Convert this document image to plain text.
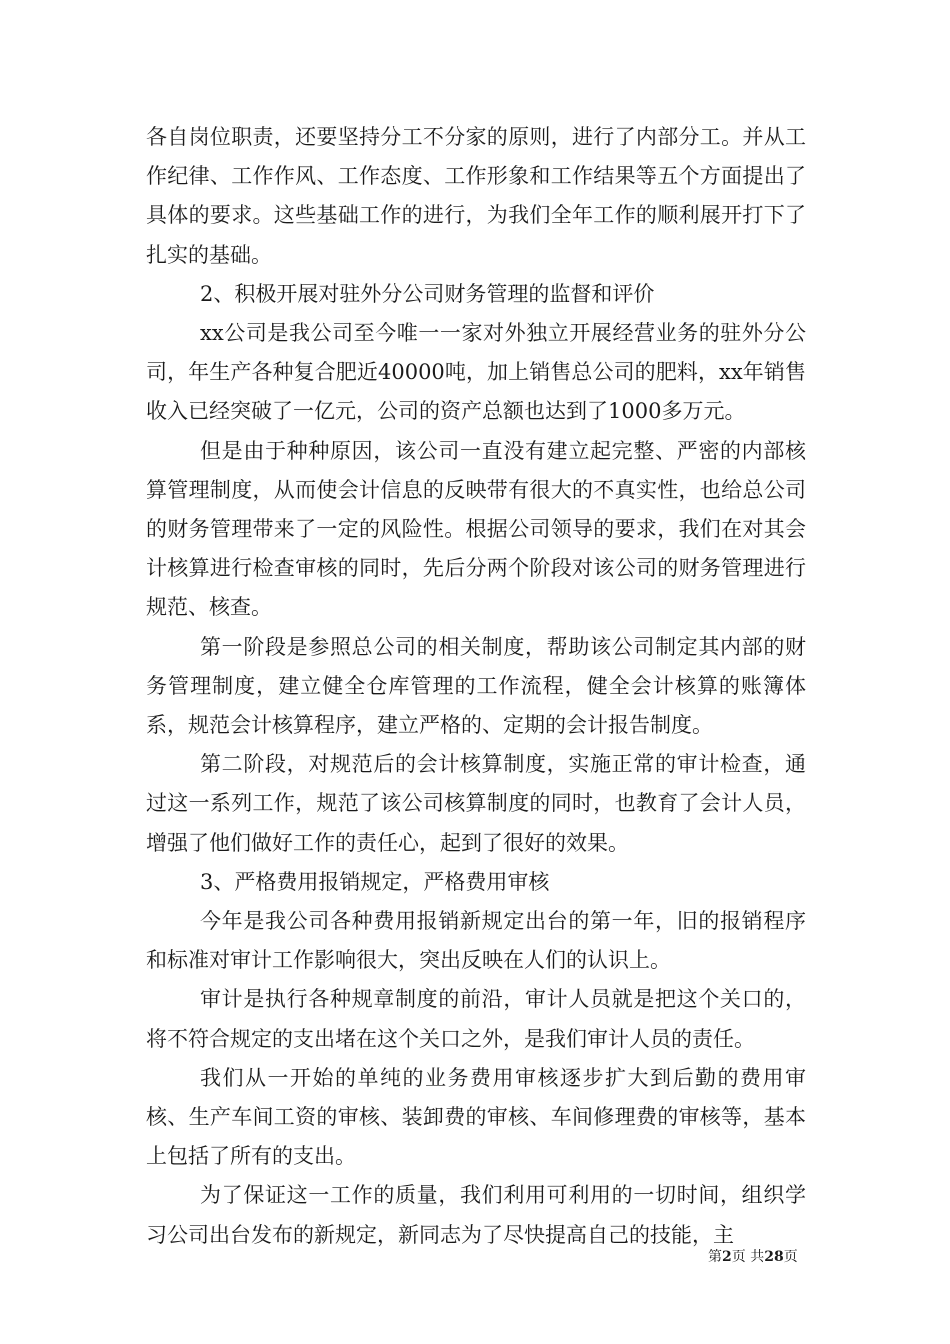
各自岗位职责，还要坚持分工不分家的原则，进行了内部分工。并从工作纪律、工作作风、工作态度、工作形象和工作结果等五个方面提出了具体的要求。这些基础工作的进行，为我们全年工作的顺利展开打下了扎实的基础。

2、积极开展对驻外分公司财务管理的监督和评价

xx公司是我公司至今唯一一家对外独立开展经营业务的驻外分公司，年生产各种复合肥近40000吨，加上销售总公司的肥料，xx年销售收入已经突破了一亿元，公司的资产总额也达到了1000多万元。

但是由于种种原因，该公司一直没有建立起完整、严密的内部核算管理制度，从而使会计信息的反映带有很大的不真实性，也给总公司的财务管理带来了一定的风险性。根据公司领导的要求，我们在对其会计核算进行检查审核的同时，先后分两个阶段对该公司的财务管理进行规范、核查。

第一阶段是参照总公司的相关制度，帮助该公司制定其内部的财务管理制度，建立健全仓库管理的工作流程，健全会计核算的账簿体系，规范会计核算程序，建立严格的、定期的会计报告制度。

第二阶段，对规范后的会计核算制度，实施正常的审计检查，通过这一系列工作，规范了该公司核算制度的同时，也教育了会计人员，增强了他们做好工作的责任心，起到了很好的效果。

3、严格费用报销规定，严格费用审核

今年是我公司各种费用报销新规定出台的第一年，旧的报销程序和标准对审计工作影响很大，突出反映在人们的认识上。

审计是执行各种规章制度的前沿，审计人员就是把这个关口的，将不符合规定的支出堵在这个关口之外，是我们审计人员的责任。

我们从一开始的单纯的业务费用审核逐步扩大到后勤的费用审核、生产车间工资的审核、装卸费的审核、车间修理费的审核等，基本上包括了所有的支出。

为了保证这一工作的质量，我们利用可利用的一切时间，组织学习公司出台发布的新规定，新同志为了尽快提高自己的技能，主

第2页 共28页
